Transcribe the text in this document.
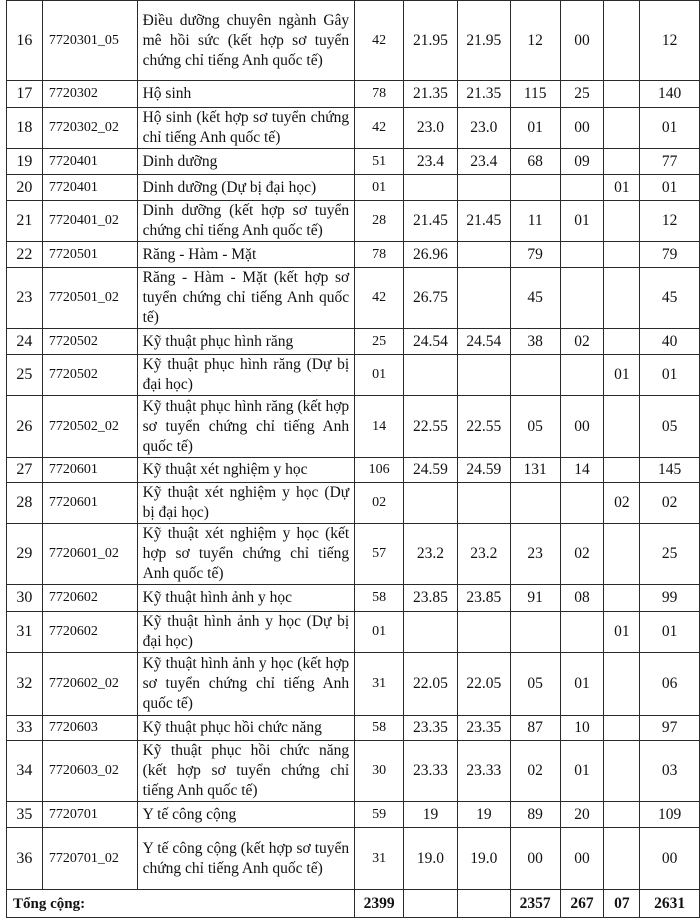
16	7720301_05	Điều dưỡng chuyên ngành Gây mê hồi sức (kết hợp sơ tuyển chứng chỉ tiếng Anh quốc tế)	42	21.95	21.95	12	00		12
17	7720302	Hộ sinh	78	21.35	21.35	115	25		140
18	7720302_02	Hộ sinh (kết hợp sơ tuyển chứng chỉ tiếng Anh quốc tế)	42	23.0	23.0	01	00		01
19	7720401	Dinh dưỡng	51	23.4	23.4	68	09		77
20	7720401	Dinh dưỡng (Dự bị đại học)	01					01	01
21	7720401_02	Dinh dưỡng (kết hợp sơ tuyển chứng chỉ tiếng Anh quốc tế)	28	21.45	21.45	11	01		12
22	7720501	Răng - Hàm - Mặt	78	26.96		79			79
23	7720501_02	Răng - Hàm - Mặt (kết hợp sơ tuyển chứng chỉ tiếng Anh quốc tế)	42	26.75		45			45
24	7720502	Kỹ thuật phục hình răng	25	24.54	24.54	38	02		40
25	7720502	Kỹ thuật phục hình răng (Dự bị đại học)	01					01	01
26	7720502_02	Kỹ thuật phục hình răng (kết hợp sơ tuyển chứng chỉ tiếng Anh quốc tế)	14	22.55	22.55	05	00		05
27	7720601	Kỹ thuật xét nghiệm y học	106	24.59	24.59	131	14		145
28	7720601	Kỹ thuật xét nghiệm y học (Dự bị đại học)	02					02	02
29	7720601_02	Kỹ thuật xét nghiệm y học (kết hợp sơ tuyển chứng chỉ tiếng Anh quốc tế)	57	23.2	23.2	23	02		25
30	7720602	Kỹ thuật hình ảnh y học	58	23.85	23.85	91	08		99
31	7720602	Kỹ thuật hình ảnh y học (Dự bị đại học)	01					01	01
32	7720602_02	Kỹ thuật hình ảnh y học (kết hợp sơ tuyển chứng chỉ tiếng Anh quốc tế)	31	22.05	22.05	05	01		06
33	7720603	Kỹ thuật phục hồi chức năng	58	23.35	23.35	87	10		97
34	7720603_02	Kỹ thuật phục hồi chức năng (kết hợp sơ tuyển chứng chỉ tiếng Anh quốc tế)	30	23.33	23.33	02	01		03
35	7720701	Y tế công cộng	59	19	19	89	20		109
36	7720701_02	Y tế công cộng (kết hợp sơ tuyển chứng chỉ tiếng Anh quốc tế)	31	19.0	19.0	00	00		00
Tổng cộng:			2399			2357	267	07	2631
